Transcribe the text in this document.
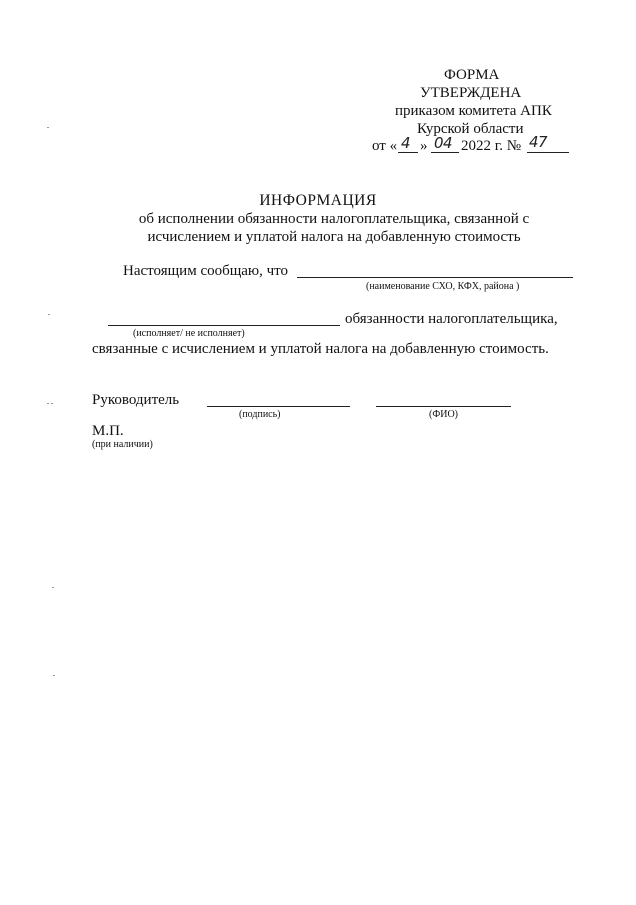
ФОРМА
УТВЕРЖДЕНА
приказом комитета АПК
Курской области
от « 4 » 04 2022 г. № 47
ИНФОРМАЦИЯ
об исполнении обязанности налогоплательщика, связанной с
исчислением и уплатой налога на добавленную стоимость
Настоящим сообщаю, что
(наименование СХО, КФХ, района )
обязанности налогоплательщика,
(исполняет/ не исполняет)
связанные с исчислением и уплатой налога на добавленную стоимость.
Руководитель
(подпись)	(ФИО)
М.П.
(при наличии)
